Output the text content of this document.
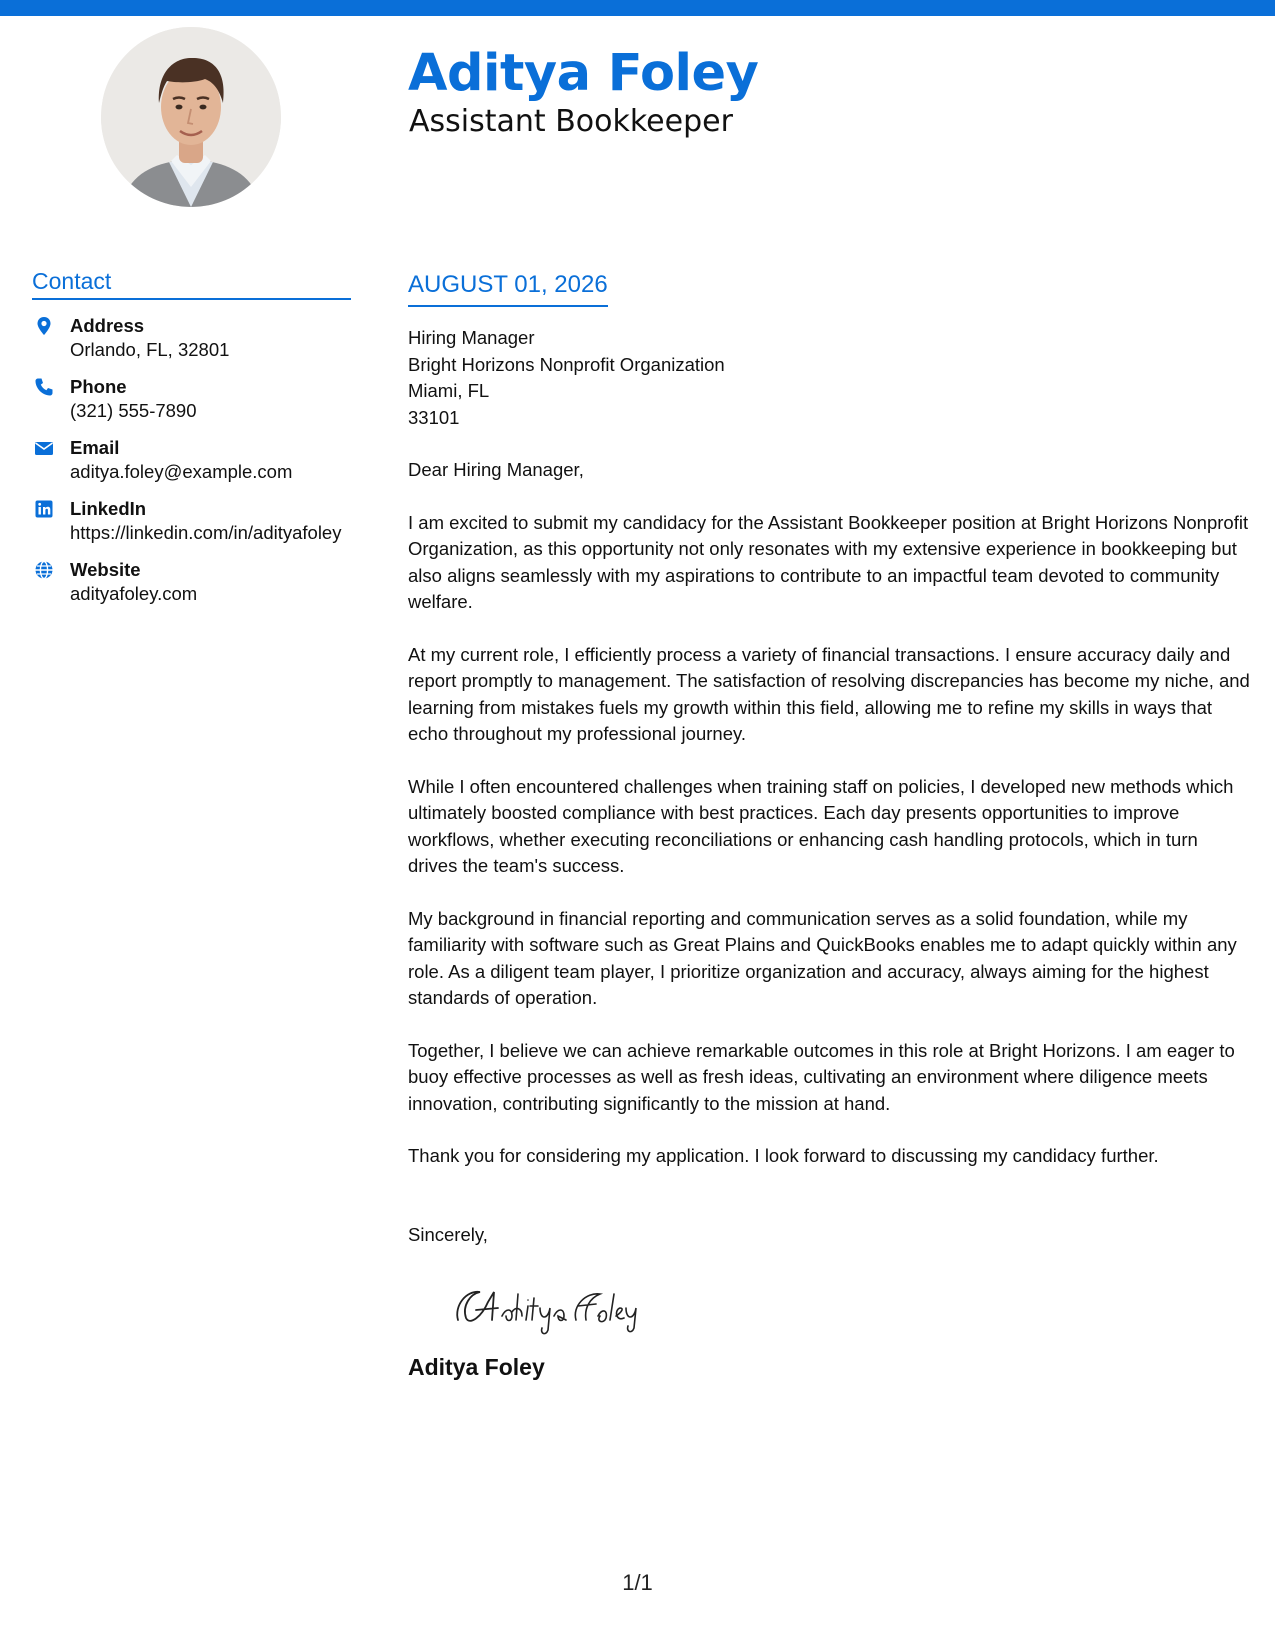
Aditya Foley
Assistant Bookkeeper
Contact
Address
Orlando, FL, 32801
Phone
(321) 555-7890
Email
aditya.foley@example.com
LinkedIn
https://linkedin.com/in/adityafoley
Website
adityafoley.com
AUGUST 01, 2026
Hiring Manager
Bright Horizons Nonprofit Organization
Miami, FL
33101

Dear Hiring Manager,

I am excited to submit my candidacy for the Assistant Bookkeeper position at Bright Horizons Nonprofit Organization, as this opportunity not only resonates with my extensive experience in bookkeeping but also aligns seamlessly with my aspirations to contribute to an impactful team devoted to community welfare.

At my current role, I efficiently process a variety of financial transactions. I ensure accuracy daily and report promptly to management. The satisfaction of resolving discrepancies has become my niche, and learning from mistakes fuels my growth within this field, allowing me to refine my skills in ways that echo throughout my professional journey.

While I often encountered challenges when training staff on policies, I developed new methods which ultimately boosted compliance with best practices. Each day presents opportunities to improve workflows, whether executing reconciliations or enhancing cash handling protocols, which in turn drives the team's success.

My background in financial reporting and communication serves as a solid foundation, while my familiarity with software such as Great Plains and QuickBooks enables me to adapt quickly within any role. As a diligent team player, I prioritize organization and accuracy, always aiming for the highest standards of operation.

Together, I believe we can achieve remarkable outcomes in this role at Bright Horizons. I am eager to buoy effective processes as well as fresh ideas, cultivating an environment where diligence meets innovation, contributing significantly to the mission at hand.

Thank you for considering my application. I look forward to discussing my candidacy further.

Sincerely,

Aditya Foley
1/1
